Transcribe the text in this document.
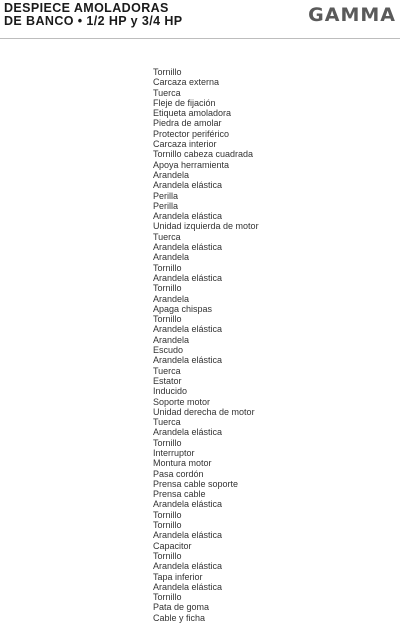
DESPIECE AMOLADORAS
DE BANCO • 1/2 HP y 3/4 HP	GAMMA
Tornillo
Carcaza externa
Tuerca
Fleje de fijación
Etiqueta amoladora
Piedra de amolar
Protector periférico
Carcaza interior
Tornillo cabeza cuadrada
Apoya herramienta
Arandela
Arandela elástica
Perilla
Perilla
Arandela elástica
Unidad izquierda de motor
Tuerca
Arandela elástica
Arandela
Tornillo
Arandela elástica
Tornillo
Arandela
Apaga chispas
Tornillo
Arandela elástica
Arandela
Escudo
Arandela elástica
Tuerca
Estator
Inducido
Soporte motor
Unidad derecha de motor
Tuerca
Arandela elástica
Tornillo
Interruptor
Montura motor
Pasa cordón
Prensa cable soporte
Prensa cable
Arandela elástica
Tornillo
Tornillo
Arandela elástica
Capacitor
Tornillo
Arandela elástica
Tapa inferior
Arandela elástica
Tornillo
Pata de goma
Cable y ficha
